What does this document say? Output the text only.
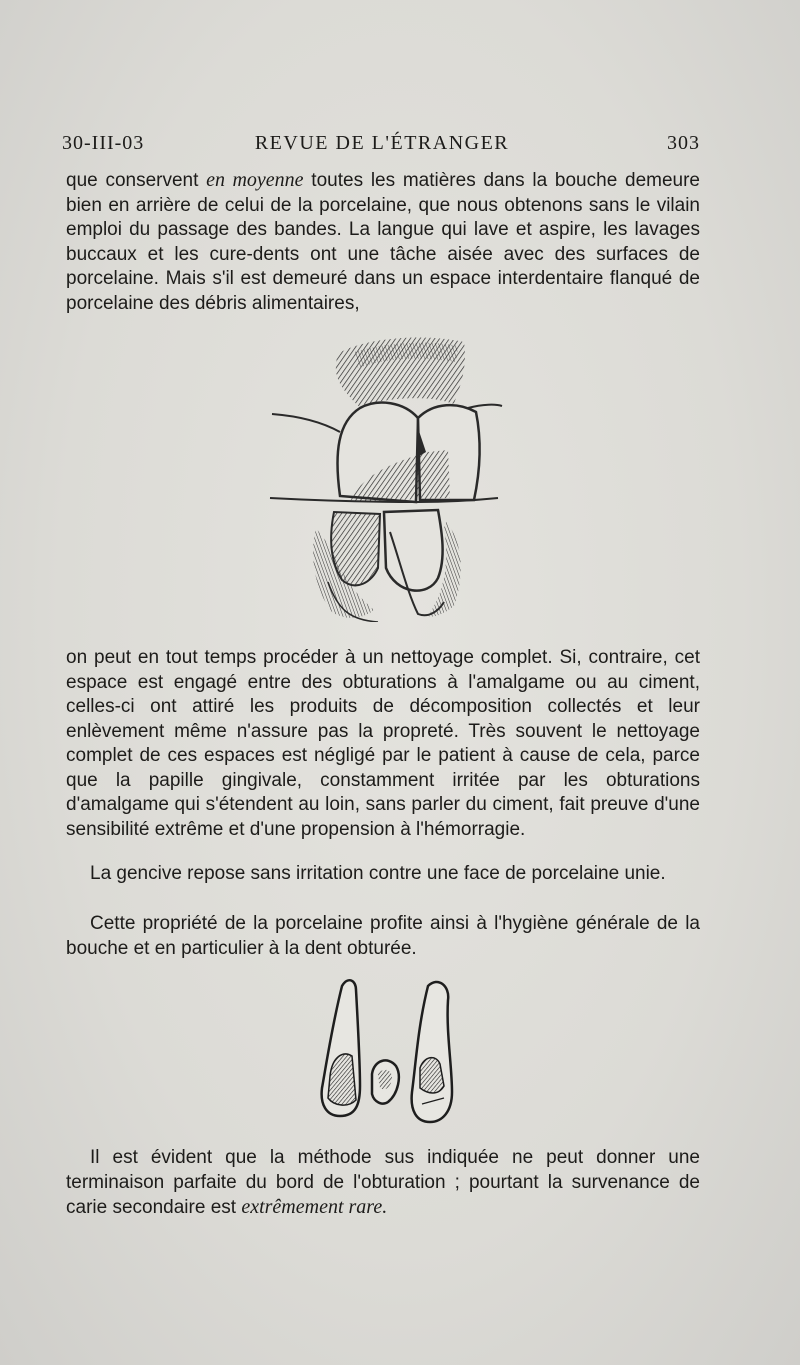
30-III-03	REVUE DE L'ÉTRANGER	303
que conservent en moyenne toutes les matières dans la bouche demeure bien en arrière de celui de la porcelaine, que nous obtenons sans le vilain emploi du passage des bandes. La langue qui lave et aspire, les lavages buccaux et les cure-dents ont une tâche aisée avec des surfaces de porcelaine. Mais s'il est demeuré dans un espace interdentaire flanqué de porcelaine des débris alimentaires,
on peut en tout temps procéder à un nettoyage complet. Si, contraire, cet espace est engagé entre des obturations à l'amalgame ou au ciment, celles-ci ont attiré les produits de décomposition collectés et leur enlèvement même n'assure pas la propreté. Très souvent le nettoyage complet de ces espaces est négligé par le patient à cause de cela, parce que la papille gingivale, constamment irritée par les obturations d'amalgame qui s'étendent au loin, sans parler du ciment, fait preuve d'une sensibilité extrême et d'une propension à l'hémorragie.
La gencive repose sans irritation contre une face de porcelaine unie.
Cette propriété de la porcelaine profite ainsi à l'hygiène générale de la bouche et en particulier à la dent obturée.
Il est évident que la méthode sus indiquée ne peut donner une terminaison parfaite du bord de l'obturation ; pourtant la survenance de carie secondaire est extrêmement rare.
